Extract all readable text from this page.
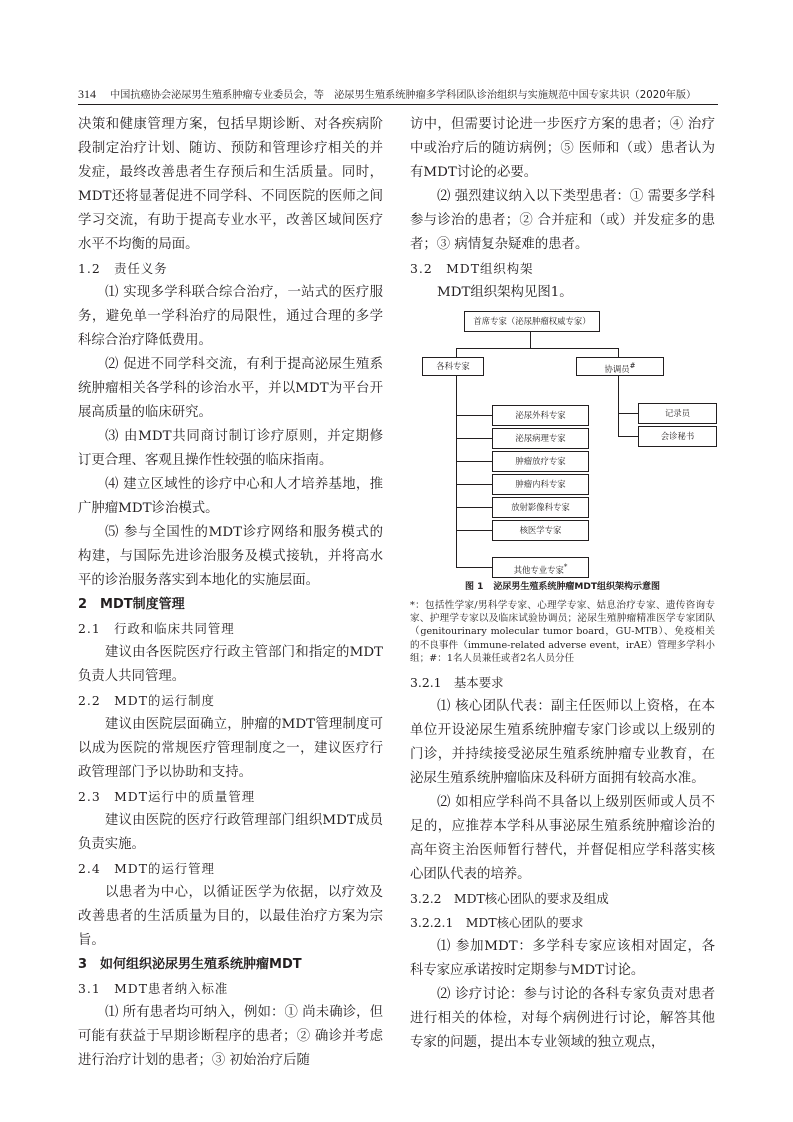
314 中国抗癌协会泌尿男生殖系肿瘤专业委员会，等　泌尿男生殖系统肿瘤多学科团队诊治组织与实施规范中国专家共识（2020年版）

决策和健康管理方案，包括早期诊断、对各疾病阶段制定治疗计划、随访、预防和管理诊疗相关的并发症，最终改善患者生存预后和生活质量。同时，MDT还将显著促进不同学科、不同医院的医师之间学习交流，有助于提高专业水平，改善区域间医疗水平不均衡的局面。

1.2　责任义务

⑴ 实现多学科联合综合治疗，一站式的医疗服务，避免单一学科治疗的局限性，通过合理的多学科综合治疗降低费用。

⑵ 促进不同学科交流，有利于提高泌尿生殖系统肿瘤相关各学科的诊治水平，并以MDT为平台开展高质量的临床研究。

⑶ 由MDT共同商讨制订诊疗原则，并定期修订更合理、客观且操作性较强的临床指南。

⑷ 建立区域性的诊疗中心和人才培养基地，推广肿瘤MDT诊治模式。

⑸ 参与全国性的MDT诊疗网络和服务模式的构建，与国际先进诊治服务及模式接轨，并将高水平的诊治服务落实到本地化的实施层面。

2　MDT制度管理

2.1　行政和临床共同管理

建议由各医院医疗行政主管部门和指定的MDT负责人共同管理。

2.2　MDT的运行制度

建议由医院层面确立，肿瘤的MDT管理制度可以成为医院的常规医疗管理制度之一，建议医疗行政管理部门予以协助和支持。

2.3　MDT运行中的质量管理

建议由医院的医疗行政管理部门组织MDT成员负责实施。

2.4　MDT的运行管理

以患者为中心，以循证医学为依据，以疗效及改善患者的生活质量为目的，以最佳治疗方案为宗旨。

3　如何组织泌尿男生殖系统肿瘤MDT

3.1　MDT患者纳入标准

⑴ 所有患者均可纳入，例如：① 尚未确诊，但可能有获益于早期诊断程序的患者；② 确诊并考虑进行治疗计划的患者；③ 初始治疗后随

访中，但需要讨论进一步医疗方案的患者；④ 治疗中或治疗后的随访病例；⑤ 医师和（或）患者认为有MDT讨论的必要。

⑵ 强烈建议纳入以下类型患者：① 需要多学科参与诊治的患者；② 合并症和（或）并发症多的患者；③ 病情复杂疑难的患者。

3.2　MDT组织构架

MDT组织架构见图1。

首席专家（泌尿肿瘤权威专家）
各科专家	协调员#
泌尿外科专家
泌尿病理专家
肿瘤放疗专家
肿瘤内科专家
放射影像科专家
核医学专家
其他专业专家*
记录员
会诊秘书

图 1 泌尿男生殖系统肿瘤MDT组织架构示意图

*：包括性学家/男科学专家、心理学专家、姑息治疗专家、遗传咨询专家、护理学专家以及临床试验协调员；泌尿生殖肿瘤精准医学专家团队（genitourinary molecular tumor board，GU-MTB）、免疫相关的不良事件（immune-related adverse event，irAE）管理多学科小组；#：1名人员兼任或者2名人员分任

3.2.1　基本要求

⑴ 核心团队代表：副主任医师以上资格，在本单位开设泌尿生殖系统肿瘤专家门诊或以上级别的门诊，并持续接受泌尿生殖系统肿瘤专业教育，在泌尿生殖系统肿瘤临床及科研方面拥有较高水准。

⑵ 如相应学科尚不具备以上级别医师或人员不足的，应推荐本学科从事泌尿生殖系统肿瘤诊治的高年资主治医师暂行替代，并督促相应学科落实核心团队代表的培养。

3.2.2　MDT核心团队的要求及组成

3.2.2.1　MDT核心团队的要求

⑴ 参加MDT：多学科专家应该相对固定，各科专家应承诺按时定期参与MDT讨论。

⑵ 诊疗讨论：参与讨论的各科专家负责对患者进行相关的体检，对每个病例进行讨论，解答其他专家的问题，提出本专业领域的独立观点，
